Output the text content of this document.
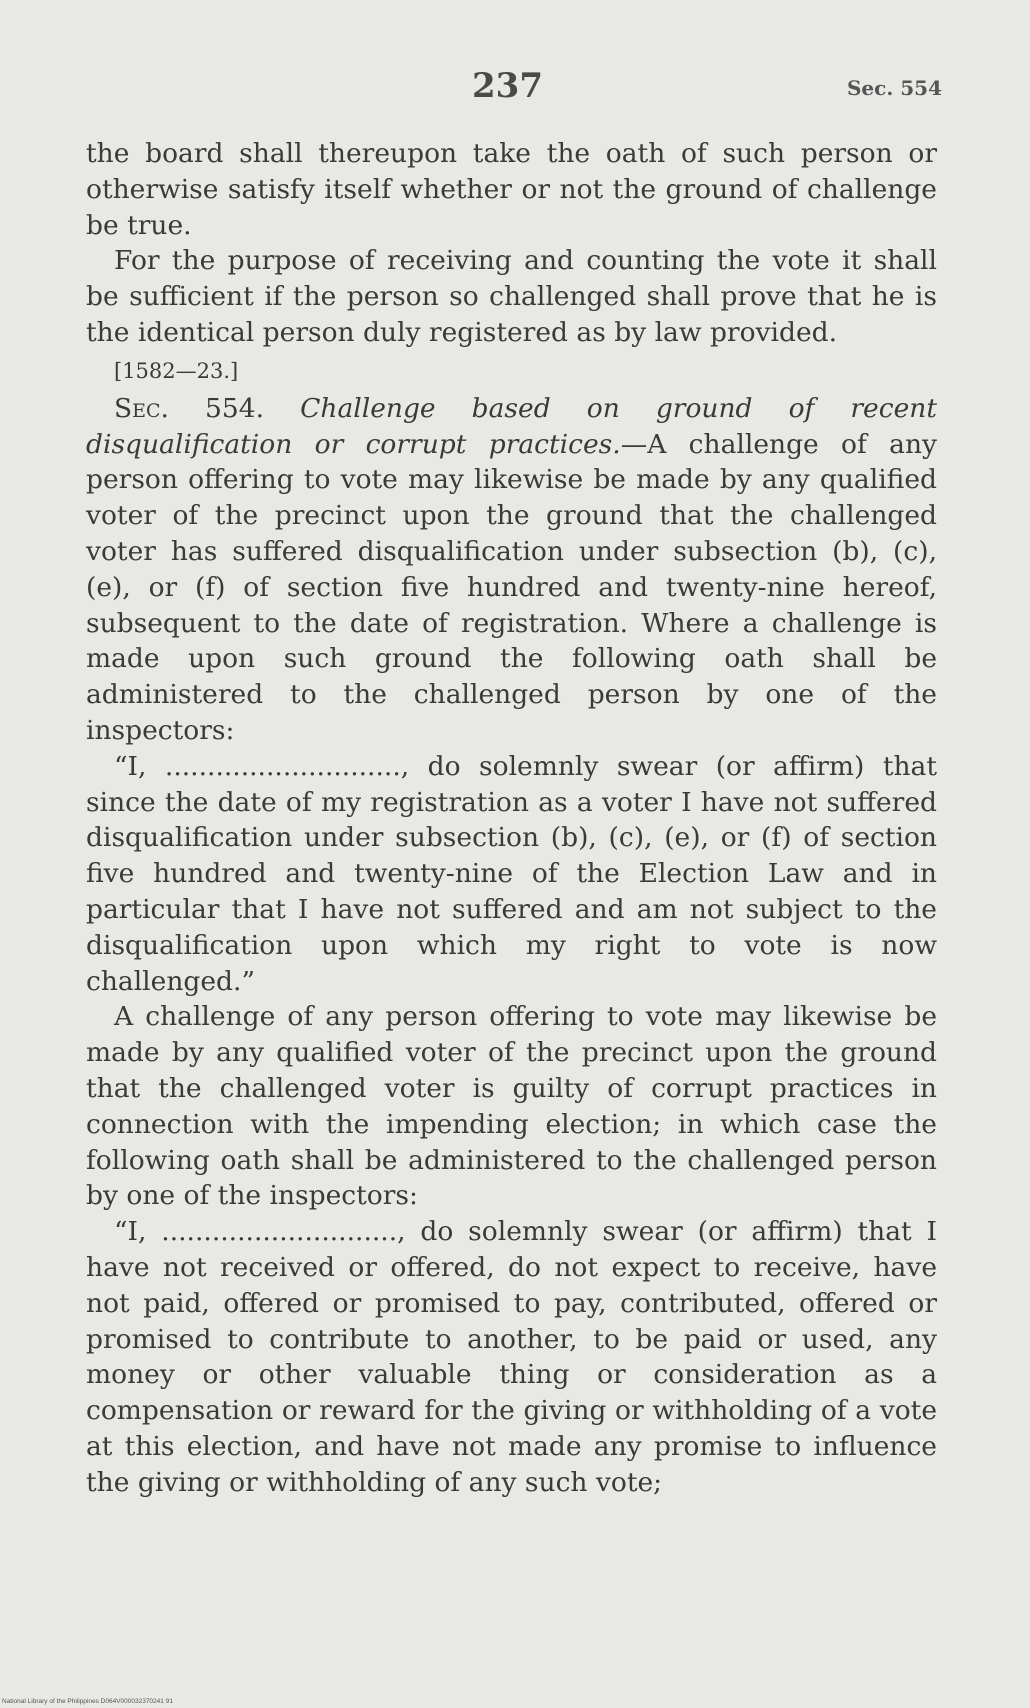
237	Sec. 554

the board shall thereupon take the oath of such person or otherwise satisfy itself whether or not the ground of challenge be true.

For the purpose of receiving and counting the vote it shall be sufficient if the person so challenged shall prove that he is the identical person duly registered as by law provided.

[1582—23.]

Sec. 554. Challenge based on ground of recent disqualification or corrupt practices.—A challenge of any person offering to vote may likewise be made by any qualified voter of the precinct upon the ground that the challenged voter has suffered disqualification under subsection (b), (c), (e), or (f) of section five hundred and twenty-nine hereof, subsequent to the date of registration. Where a challenge is made upon such ground the following oath shall be administered to the challenged person by one of the inspectors:

“I, ............................, do solemnly swear (or affirm) that since the date of my registration as a voter I have not suffered disqualification under subsection (b), (c), (e), or (f) of section five hundred and twenty-nine of the Election Law and in particular that I have not suffered and am not subject to the disqualification upon which my right to vote is now challenged.”

A challenge of any person offering to vote may likewise be made by any qualified voter of the precinct upon the ground that the challenged voter is guilty of corrupt practices in connection with the impending election; in which case the following oath shall be administered to the challenged person by one of the inspectors:

“I, ............................, do solemnly swear (or affirm) that I have not received or offered, do not expect to receive, have not paid, offered or promised to pay, contributed, offered or promised to contribute to another, to be paid or used, any money or other valuable thing or consideration as a compensation or reward for the giving or withholding of a vote at this election, and have not made any promise to influence the giving or withholding of any such vote;

National Library of the Philippines D064V000032370241 91
